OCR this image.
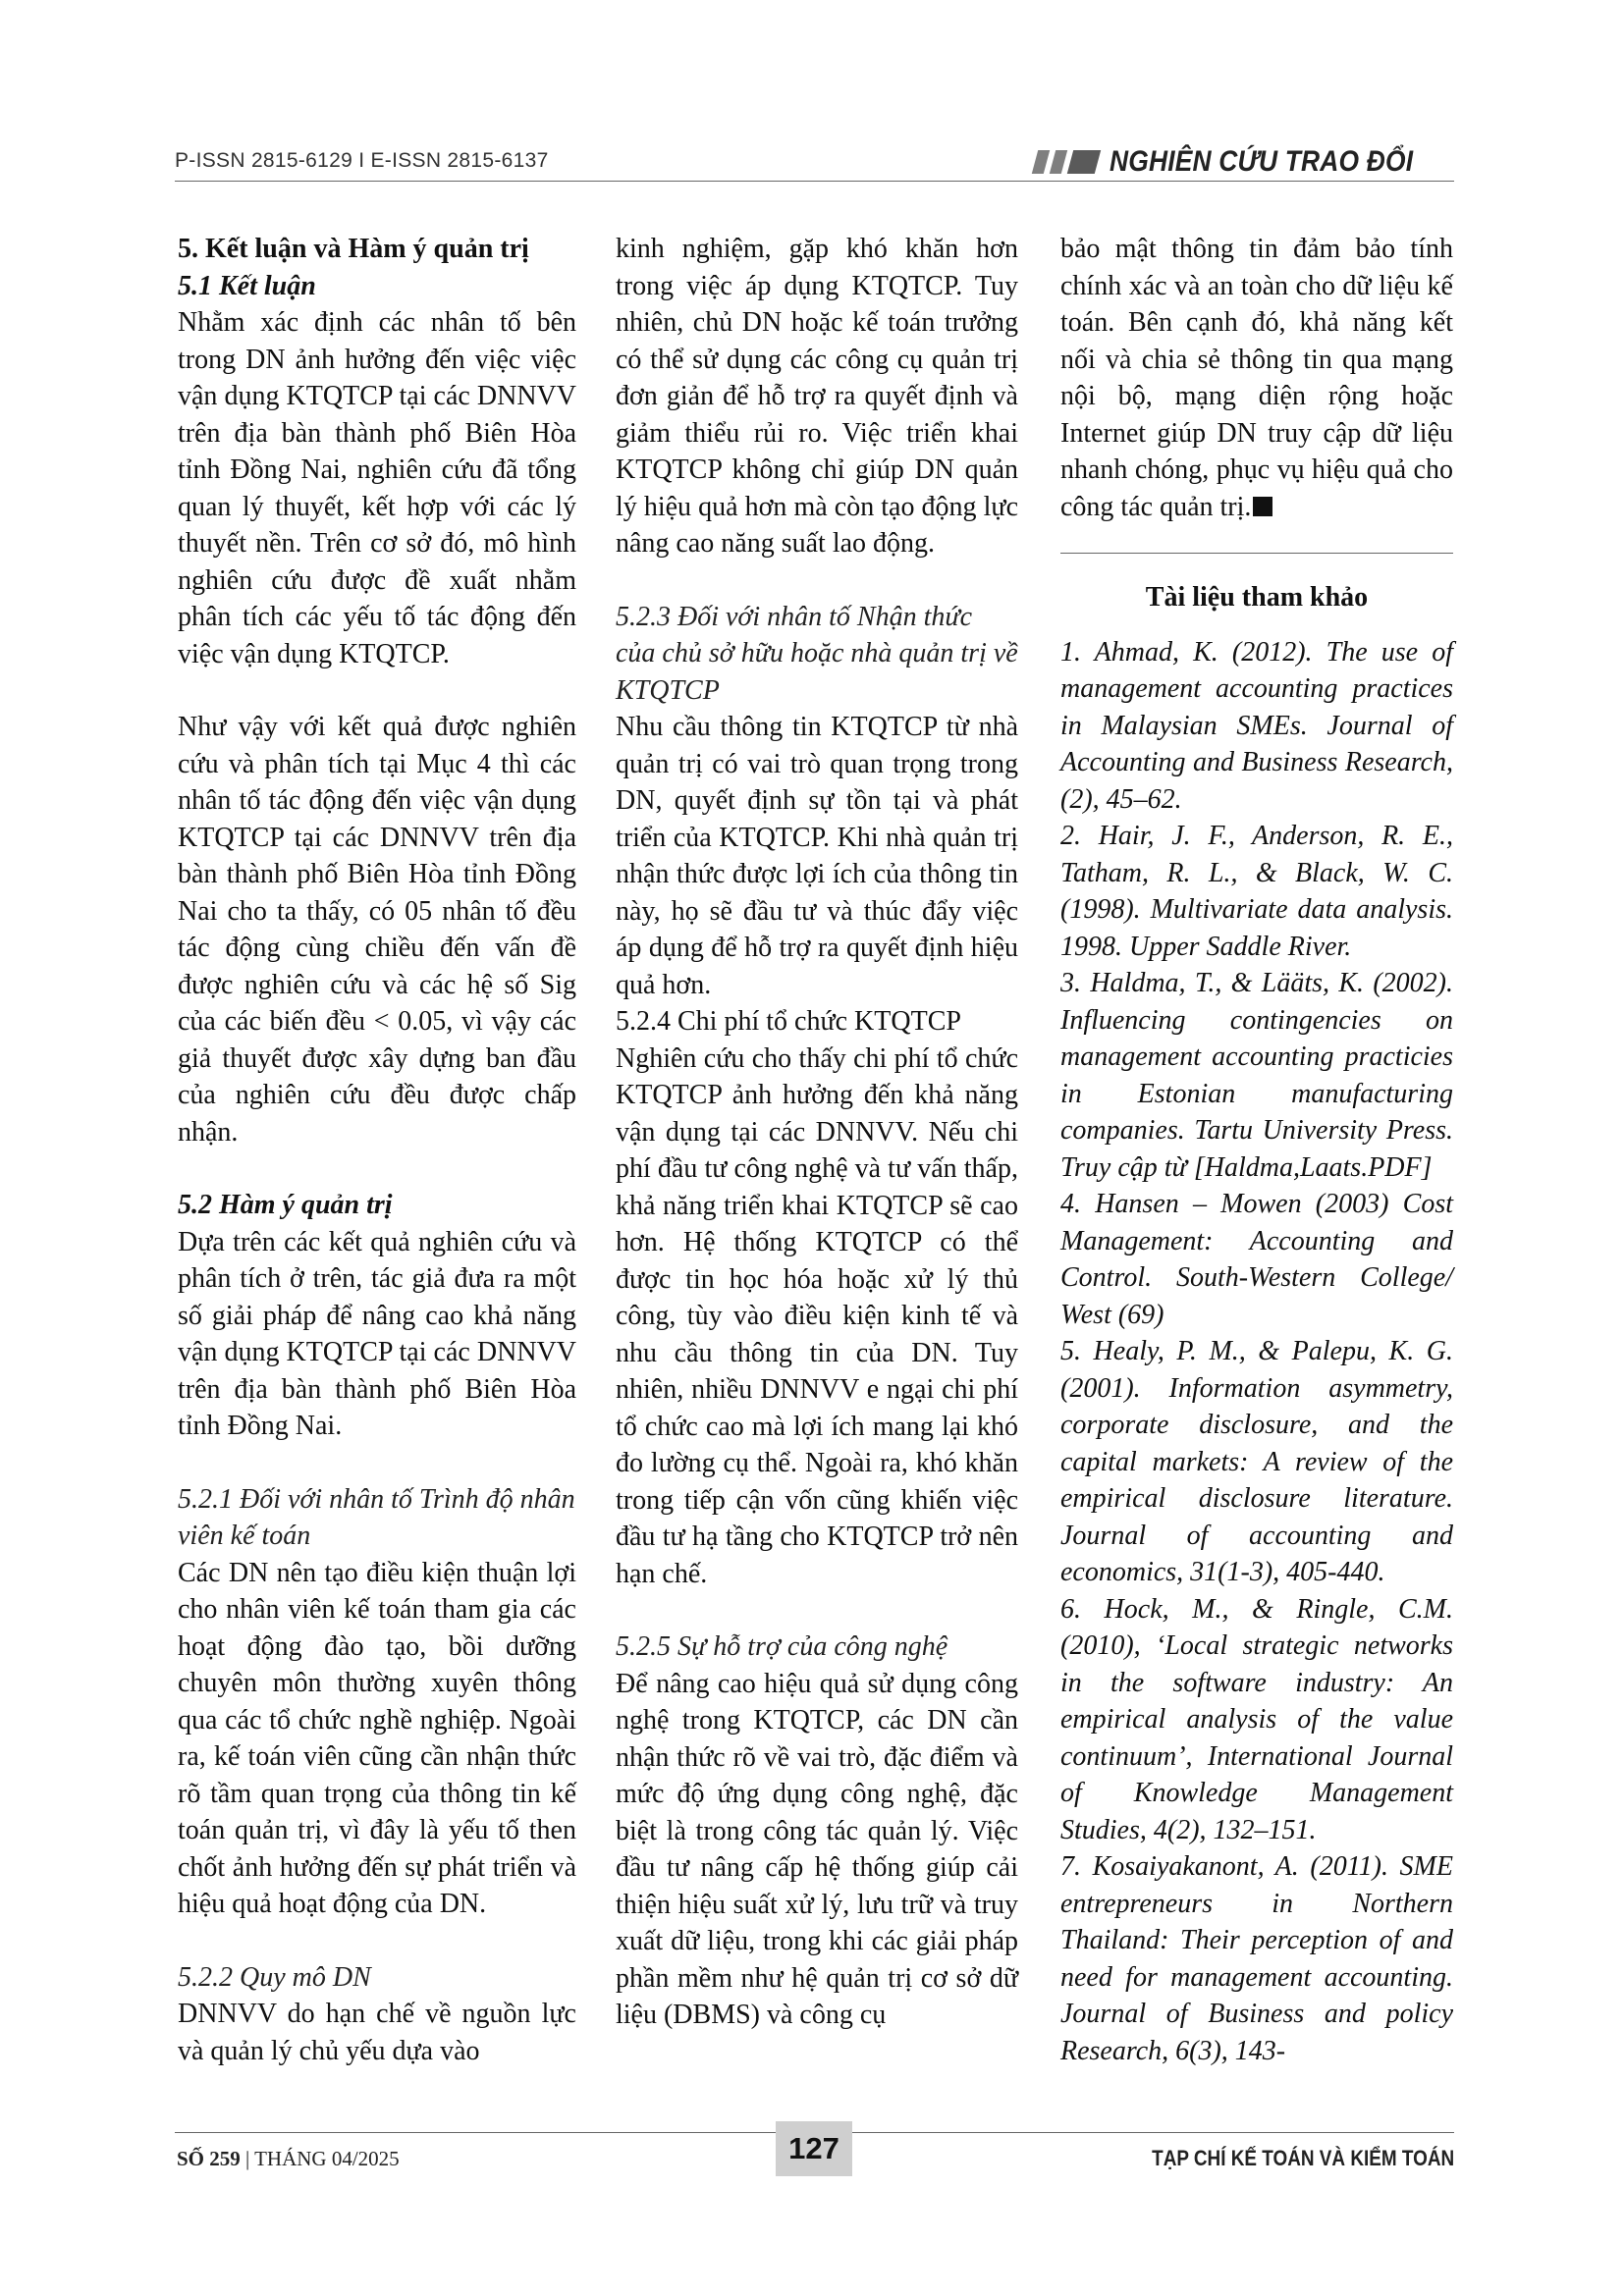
P-ISSN 2815-6129 I E-ISSN 2815-6137	NGHIÊN CỨU TRAO ĐỔI

5. Kết luận và Hàm ý quản trị

5.1 Kết luận

Nhằm xác định các nhân tố bên trong DN ảnh hưởng đến việc việc vận dụng KTQTCP tại các DNNVV trên địa bàn thành phố Biên Hòa tỉnh Đồng Nai, nghiên cứu đã tổng quan lý thuyết, kết hợp với các lý thuyết nền. Trên cơ sở đó, mô hình nghiên cứu được đề xuất nhằm phân tích các yếu tố tác động đến việc vận dụng KTQTCP.

Như vậy với kết quả được nghiên cứu và phân tích tại Mục 4 thì các nhân tố tác động đến việc vận dụng KTQTCP tại các DNNVV trên địa bàn thành phố Biên Hòa tỉnh Đồng Nai cho ta thấy, có 05 nhân tố đều tác động cùng chiều đến vấn đề được nghiên cứu và các hệ số Sig của các biến đều < 0.05, vì vậy các giả thuyết được xây dựng ban đầu của nghiên cứu đều được chấp nhận.

5.2 Hàm ý quản trị

Dựa trên các kết quả nghiên cứu và phân tích ở trên, tác giả đưa ra một số giải pháp để nâng cao khả năng vận dụng KTQTCP tại các DNNVV trên địa bàn thành phố Biên Hòa tỉnh Đồng Nai.

5.2.1 Đối với nhân tố Trình độ nhân viên kế toán

Các DN nên tạo điều kiện thuận lợi cho nhân viên kế toán tham gia các hoạt động đào tạo, bồi dưỡng chuyên môn thường xuyên thông qua các tổ chức nghề nghiệp. Ngoài ra, kế toán viên cũng cần nhận thức rõ tầm quan trọng của thông tin kế toán quản trị, vì đây là yếu tố then chốt ảnh hưởng đến sự phát triển và hiệu quả hoạt động của DN.

5.2.2 Quy mô DN

DNNVV do hạn chế về nguồn lực và quản lý chủ yếu dựa vào

kinh nghiệm, gặp khó khăn hơn trong việc áp dụng KTQTCP. Tuy nhiên, chủ DN hoặc kế toán trưởng có thể sử dụng các công cụ quản trị đơn giản để hỗ trợ ra quyết định và giảm thiểu rủi ro. Việc triển khai KTQTCP không chỉ giúp DN quản lý hiệu quả hơn mà còn tạo động lực nâng cao năng suất lao động.

5.2.3 Đối với nhân tố Nhận thức của chủ sở hữu hoặc nhà quản trị về KTQTCP

Nhu cầu thông tin KTQTCP từ nhà quản trị có vai trò quan trọng trong DN, quyết định sự tồn tại và phát triển của KTQTCP. Khi nhà quản trị nhận thức được lợi ích của thông tin này, họ sẽ đầu tư và thúc đẩy việc áp dụng để hỗ trợ ra quyết định hiệu quả hơn.

5.2.4 Chi phí tổ chức KTQTCP

Nghiên cứu cho thấy chi phí tổ chức KTQTCP ảnh hưởng đến khả năng vận dụng tại các DNNVV. Nếu chi phí đầu tư công nghệ và tư vấn thấp, khả năng triển khai KTQTCP sẽ cao hơn. Hệ thống KTQTCP có thể được tin học hóa hoặc xử lý thủ công, tùy vào điều kiện kinh tế và nhu cầu thông tin của DN. Tuy nhiên, nhiều DNNVV e ngại chi phí tổ chức cao mà lợi ích mang lại khó đo lường cụ thể. Ngoài ra, khó khăn trong tiếp cận vốn cũng khiến việc đầu tư hạ tầng cho KTQTCP trở nên hạn chế.

5.2.5 Sự hỗ trợ của công nghệ

Để nâng cao hiệu quả sử dụng công nghệ trong KTQTCP, các DN cần nhận thức rõ về vai trò, đặc điểm và mức độ ứng dụng công nghệ, đặc biệt là trong công tác quản lý. Việc đầu tư nâng cấp hệ thống giúp cải thiện hiệu suất xử lý, lưu trữ và truy xuất dữ liệu, trong khi các giải pháp phần mềm như hệ quản trị cơ sở dữ liệu (DBMS) và công cụ

bảo mật thông tin đảm bảo tính chính xác và an toàn cho dữ liệu kế toán. Bên cạnh đó, khả năng kết nối và chia sẻ thông tin qua mạng nội bộ, mạng diện rộng hoặc Internet giúp DN truy cập dữ liệu nhanh chóng, phục vụ hiệu quả cho công tác quản trị.

Tài liệu tham khảo

1. Ahmad, K. (2012). The use of management accounting practices in Malaysian SMEs. Journal of Accounting and Business Research, (2), 45–62.

2. Hair, J. F., Anderson, R. E., Tatham, R. L., & Black, W. C. (1998). Multivariate data analysis. 1998. Upper Saddle River.

3. Haldma, T., & Lääts, K. (2002). Influencing contingencies on management accounting practicies in Estonian manufacturing companies. Tartu University Press. Truy cập từ [Haldma,Laats.PDF]

4. Hansen – Mowen (2003) Cost Management: Accounting and Control. South-Western College/ West (69)

5. Healy, P. M., & Palepu, K. G. (2001). Information asymmetry, corporate disclosure, and the capital markets: A review of the empirical disclosure literature. Journal of accounting and economics, 31(1-3), 405-440.

6. Hock, M., & Ringle, C.M. (2010), ‘Local strategic networks in the software industry: An empirical analysis of the value continuum’, International Journal of Knowledge Management Studies, 4(2), 132–151.

7. Kosaiyakanont, A. (2011). SME entrepreneurs in Northern Thailand: Their perception of and need for management accounting. Journal of Business and policy Research, 6(3), 143-

SỐ 259 | THÁNG 04/2025	127	TẠP CHÍ KẾ TOÁN VÀ KIỂM TOÁN
